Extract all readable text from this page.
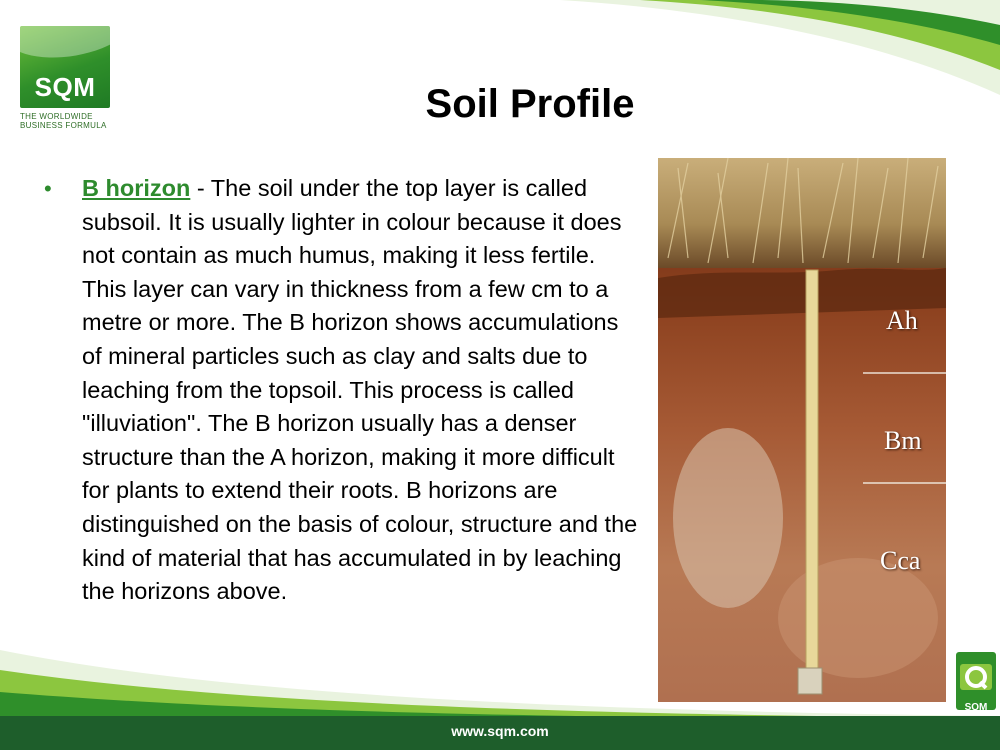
SQM
THE WORLDWIDE
BUSINESS FORMULA	Soil Profile
• B horizon - The soil under the top layer is called subsoil. It is usually lighter in colour because it does not contain as much humus, making it less fertile. This layer can vary in thickness from a few cm to a metre or more. The B horizon shows accumulations of mineral particles such as clay and salts due to leaching from the topsoil. This process is called "illuviation". The B horizon usually has a denser structure than the A horizon, making it more difficult for plants to extend their roots. B horizons are distinguished on the basis of colour, structure and the kind of material that has accumulated in by leaching the horizons above.
Ah
Bm
Cca
www.sqm.com
SQM
